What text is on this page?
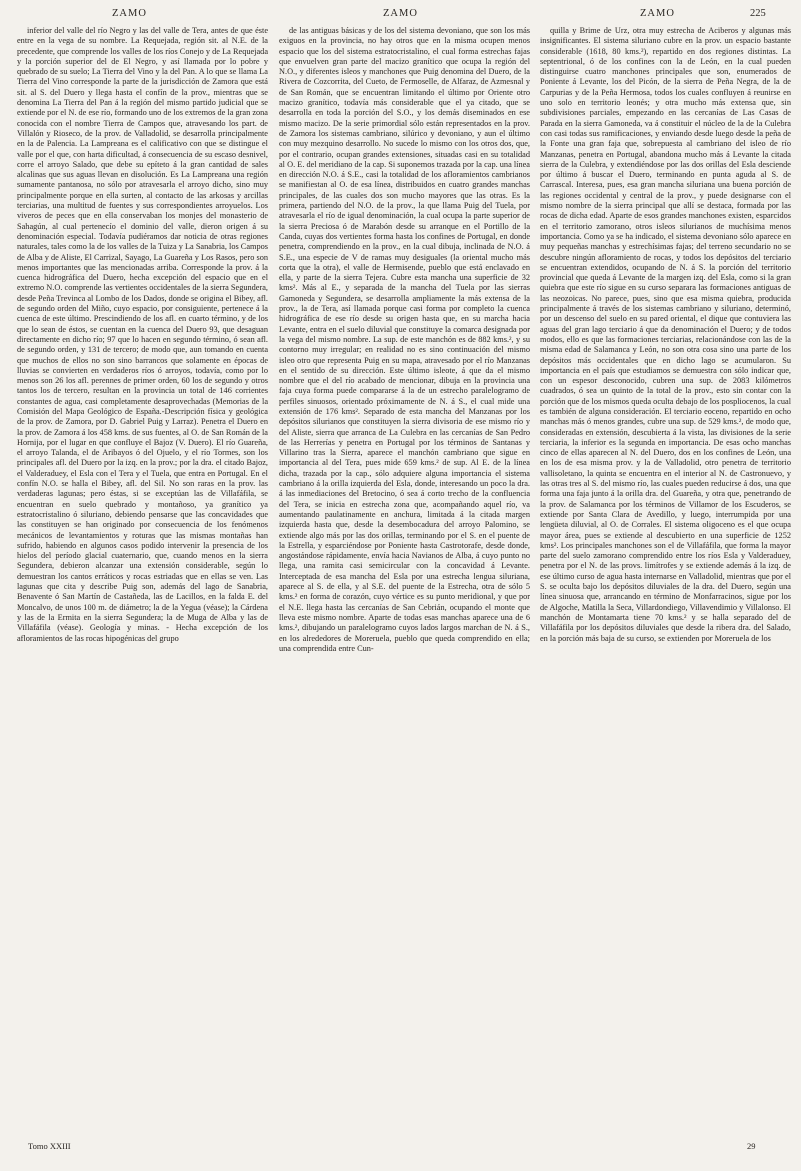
ZAMO	ZAMO	ZAMO	225

inferior del valle del río Negro y las del valle de Tera, antes de que éste entre en la vega de su nombre. La Requejada, región sit. al N.E. de la precedente, que comprende los valles de los ríos Conejo y de La Requejada y la porción superior del de El Negro, y así llamada por lo pobre y quebrado de su suelo; La Tierra del Vino y la del Pan. A lo que se llama La Tierra del Vino corresponde la parte de la jurisdicción de Zamora que está sit. al S. del Duero y llega hasta el confín de la prov., mientras que se denomina La Tierra del Pan á la región del mismo partido judicial que se extiende por el N. de ese río, formando uno de los extremos de la gran zona conocida con el nombre Tierra de Campos que, atravesando los part. de Villalón y Rioseco, de la prov. de Valladolid, se desarrolla principalmente en la de Palencia. La Lampreana es el calificativo con que se distingue el valle por el que, con harta dificultad, á consecuencia de su escaso desnivel, corre el arroyo Salado, que debe su epíteto á la gran cantidad de sales alcalinas que sus aguas llevan en disolución. Es La Lampreana una región sumamente pantanosa, no sólo por atravesarla el arroyo dicho, sino muy principalmente porque en ella surten, al contacto de las arkosas y arcillas terciarias, una multitud de fuentes y sus correspondientes arroyuelos. Los viveros de peces que en ella conservaban los monjes del monasterio de Sahagún, al cual pertenecío el dominio del valle, dieron origen á su denominación especial. Todavía pudiéramos dar noticia de otras regiones naturales, tales como la de los valles de la Tuiza y La Sanabria, los Campos de Alba y de Aliste, El Carrizal, Sayago, La Guareña y Los Rasos, pero son menos importantes que las mencionadas arriba. Corresponde la prov. á la cuenca hidrográfica del Duero, hecha excepción del espacio que en el extremo N.O. comprende las vertientes occidentales de la sierra Segundera, desde Peña Trevinca al Lombo de los Dados, donde se origina el Bibey, afl. de segundo orden del Miño, cuyo espacio, por consiguiente, pertenece á la cuenca de este último. Prescindiendo de los afl. en cuarto término, y de los que lo sean de éstos, se cuentan en la cuenca del Duero 93, que desaguan directamente en dicho río; 97 que lo hacen en segundo término, ó sean afl. de segundo orden, y 131 de tercero; de modo que, aun tomando en cuenta que muchos de ellos no son sino barrancos que solamente en épocas de lluvias se convierten en verdaderos ríos ó arroyos, todavía, como por lo menos son 26 los afl. perennes de primer orden, 60 los de segundo y otros tantos los de tercero, resultan en la provincia un total de 146 corrientes constantes de agua, casi completamente desaprovechadas (Memorias de la Comisión del Mapa Geológico de España.-Descripción física y geológica de la prov. de Zamora, por D. Gabriel Puig y Larraz). Penetra el Duero en la prov. de Zamora á los 458 kms. de sus fuentes, al O. de San Román de la Hornija, por el lugar en que confluye el Bajoz (V. Duero). El río Guareña, el arroyo Talanda, el de Aribayos ó del Ojuelo, y el río Tormes, son los principales afl. del Duero por la izq. en la prov.; por la dra. el citado Bajoz, el Valderaduey, el Esla con el Tera y el Tuela, que entra en Portugal. En el confín N.O. se halla el Bibey, afl. del Sil. No son raras en la prov. las verdaderas lagunas; pero éstas, si se exceptúan las de Villafáfila, se encuentran en suelo quebrado y montañoso, ya granítico ya estratocristalino ó siluriano, debiendo pensarse que las concavidades que las constituyen se han originado por consecuencia de los fenómenos mecánicos de levantamientos y roturas que las mismas montañas han sufrido, habiendo en algunos casos podido intervenir la presencia de los hielos del período glacial cuaternario, que, cuando menos en la sierra Segundera, debieron alcanzar una extensión considerable, según lo demuestran los cantos erráticos y rocas estriadas que en ellas se ven. Las lagunas que cita y describe Puig son, además del lago de Sanabria, Benavente ó San Martín de Castañeda, las de Lacillos, en la falda E. del Moncalvo, de unos 100 m. de diámetro; la de la Yegua (véase); la Cárdena y las de la Ermita en la sierra Segundera; la de Muga de Alba y las de Villafáfila (véase). Geología y minas. - Hecha excepción de los afloramientos de las rocas hipogénicas del grupo

de las antiguas básicas y de los del sistema devoniano, que son los más exiguos en la provincia, no hay otros que en la misma ocupen menos espacio que los del sistema estratocristalino, el cual forma estrechas fajas que envuelven gran parte del macizo granítico que ocupa la región del N.O., y diferentes isleos y manchones que Puig denomina del Duero, de la Rivera de Cozcorrita, del Cueto, de Fermoselle, de Alfaraz, de Azmesnal y de San Román, que se encuentran limitando el último por Oriente otro macizo granítico, todavía más considerable que el ya citado, que se desarrolla en toda la porción del S.O., y los demás diseminados en ese mismo macizo. De la serie primordial sólo están representados en la prov. de Zamora los sistemas cambriano, silúrico y devoniano, y aun el último con muy mezquino desarrollo. No sucede lo mismo con los otros dos, que, por el contrario, ocupan grandes extensiones, situadas casi en su totalidad al O. E. del meridiano de la cap. Si suponemos trazada por la cap. una línea en dirección N.O. á S.E., casi la totalidad de los afloramientos cambrianos se manifiestan al O. de esa línea, distribuidos en cuatro grandes manchas principales, de las cuales dos son mucho mayores que las otras. Es la primera, partiendo del N.O. de la prov., la que llama Puig del Tuela, por atravesarla el río de igual denominación, la cual ocupa la parte superior de la sierra Preciosa ó de Marabón desde su arranque en el Portillo de la Canda, cuyas dos vertientes forma hasta los confines de Portugal, en donde penetra, comprendiendo en la prov., en la cual dibuja, inclinada de N.O. á S.E., una especie de V de ramas muy desiguales (la oriental mucho más corta que la otra), el valle de Hermisende, pueblo que está enclavado en ella, y parte de la sierra Tejera. Cubre esta mancha una superficie de 32 kms². Más al E., y separada de la mancha del Tuela por las sierras Gamoneda y Segundera, se desarrolla ampliamente la más extensa de la prov., la de Tera, así llamada porque casi forma por completo la cuenca hidrográfica de ese río desde su origen hasta que, en su marcha hacia Levante, entra en el suelo diluvial que constituye la comarca designada por la vega del mismo nombre. La sup. de este manchón es de 882 kms.², y su contorno muy irregular; en realidad no es sino continuación del mismo isleo otro que representa Puig en su mapa, atravesado por el río Manzanas en el sentido de su dirección. Este último isleote, á que da el mismo nombre que el del río acabado de mencionar, dibuja en la provincia una faja cuya forma puede compararse á la de un estrecho paralelogramo de perfiles sinuosos, orientado próximamente de N. á S., el cual mide una extensión de 176 kms². Separado de esta mancha del Manzanas por los depósitos silurianos que constituyen la sierra divisoria de ese mismo río y del Aliste, sierra que arranca de La Culebra en las cercanías de San Pedro de las Herrerías y penetra en Portugal por los términos de Santanas y Villarino tras la Sierra, aparece el manchón cambriano que sigue en importancia al del Tera, pues mide 659 kms.² de sup. Al E. de la línea dicha, trazada por la cap., sólo adquiere alguna importancia el sistema cambriano á la orilla izquierda del Esla, donde, interesando un poco la dra. á las inmediaciones del Bretocino, ó sea á corto trecho de la confluencia del Tera, se inicia en estrecha zona que, acompañando aquel río, va aumentando paulatinamente en anchura, limitada á la citada margen izquierda hasta que, desde la desembocadura del arroyo Palomino, se extiende algo más por las dos orillas, terminando por el S. en el puente de la Estrella, y esparciéndose por Poniente hasta Castrotorafe, desde donde, angostándose rápidamente, envía hacia Navianos de Alba, á cuyo punto no llega, una ramita casi semicircular con la concavidad á Levante. Interceptada de esa mancha del Esla por una estrecha lengua siluriana, aparece al S. de ella, y al S.E. del puente de la Estrecha, otra de sólo 5 kms.² en forma de corazón, cuyo vértice es su punto meridional, y que por el N.E. llega hasta las cercanías de San Cebrián, ocupando el monte que lleva este mismo nombre. Aparte de todas esas manchas aparece una de 6 kms.², dibujando un paralelogramo cuyos lados largos marchan de N. á S., en los alrededores de Moreruela, pueblo que queda comprendido en ella; una comprendida entre Cun-

quilla y Brime de Urz, otra muy estrecha de Aciberos y algunas más insignificantes. El sistema siluriano cubre en la prov. un espacio bastante considerable (1618, 80 kms.²), repartido en dos regiones distintas. La septentrional, ó de los confines con la de León, en la cual pueden distinguirse cuatro manchones principales que son, enumerados de Poniente á Levante, los del Picón, de la sierra de Peña Negra, de la de Carpurias y de la Peña Hermosa, todos los cuales confluyen á reunirse en uno solo en territorio leonés; y otra mucho más extensa que, sin subdivisiones parciales, empezando en las cercanías de Las Casas de Parada en la sierra Gamoneda, va á constituir el núcleo de la de la Culebra con casi todas sus ramificaciones, y enviando desde luego desde la peña de la Fonte una gran faja que, sobrepuesta al cambriano del isleo de río Manzanas, penetra en Portugal, abandona mucho más á Levante la citada sierra de la Culebra, y extendiéndose por las dos orillas del Esla desciende por último á buscar el Duero, terminando en punta aguda al S. de Carrascal. Interesa, pues, esa gran mancha siluriana una buena porción de las regiones occidental y central de la prov., y puede designarse con el mismo nombre de la sierra principal que allí se destaca, formada por las rocas de dicha edad. Aparte de esos grandes manchones existen, esparcidos en el territorio zamorano, otros isleos silurianos de muchísima menos importancia. Como ya se ha indicado, el sistema devoniano sólo aparece en muy pequeñas manchas y estrechísimas fajas; del terreno secundario no se descubre ningún afloramiento de rocas, y todos los depósitos del terciario se encuentran extendidos, ocupando de N. á S. la porción del territorio provincial que queda á Levante de la margen izq. del Esla, como si la gran quiebra que este río sigue en su curso separara las formaciones antiguas de las neozoicas. No parece, pues, sino que esa misma quiebra, producida principalmente á través de los sistemas cambriano y siluriano, determinó, por un descenso del suelo en su pared oriental, el dique que contuviera las aguas del gran lago terciario á que da denominación el Duero; y de todos modos, ello es que las formaciones terciarias, relacionándose con las de la misma edad de Salamanca y León, no son otra cosa sino una parte de los depósitos más occidentales que en dicho lago se acumularon. Su importancia en el país que estudiamos se demuestra con sólo indicar que, con un espesor desconocido, cubren una sup. de 2083 kilómetros cuadrados, ó sea un quinto de la total de la prov., esto sin contar con la porción que de los mismos queda oculta debajo de los pospliocenos, la cual es también de alguna consideración. El terciario eoceno, repartido en ocho manchas más ó menos grandes, cubre una sup. de 529 kms.², de modo que, consideradas en extensión, descubierta á la vista, las divisiones de la serie terciaria, la inferior es la segunda en importancia. De esas ocho manchas cinco de ellas aparecen al N. del Duero, dos en los confines de León, una en los de esa misma prov. y la de Valladolid, otro penetra de territorio vallisoletano, la quinta se encuentra en el interior al N. de Castronuevo, y las otras tres al S. del mismo río, las cuales pueden reducirse á dos, una que forma una faja junto á la orilla dra. del Guareña, y otra que, penetrando de la prov. de Salamanca por los términos de Villamor de los Escuderos, se extiende por Santa Clara de Avedillo, y luego, interrumpida por una lengüeta diluvial, al O. de Corrales. El sistema oligoceno es el que ocupa mayor área, pues se extiende al descubierto en una superficie de 1252 kms². Los principales manchones son el de Villafáfila, que forma la mayor parte del suelo zamorano comprendido entre los ríos Esla y Valderaduey, penetra por el N. de las provs. limítrofes y se extiende además á la izq. de ese último curso de agua hasta internarse en Valladolid, mientras que por el S. se oculta bajo los depósitos diluviales de la dra. del Duero, según una línea sinuosa que, arrancando en término de Monfarracinos, sigue por los de Algoche, Matilla la Seca, Villardondiego, Villavendimio y Villalonso. El manchón de Montamarta tiene 70 kms.² y se halla separado del de Villafáfila por los depósitos diluviales que desde la ribera dra. del Salado, en la porción más baja de su curso, se extienden por Moreruela de los

Tomo XXIII	29
